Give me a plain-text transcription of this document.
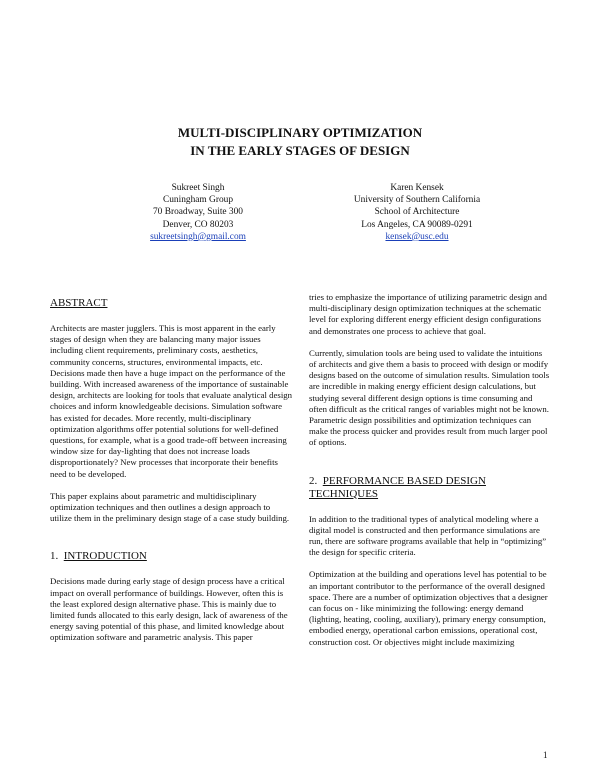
MULTI-DISCIPLINARY OPTIMIZATION
IN THE EARLY STAGES OF DESIGN
Sukreet Singh
Cuningham Group
70 Broadway, Suite 300
Denver, CO 80203
sukreetsingh@gmail.com
Karen Kensek
University of Southern California
School of Architecture
Los Angeles, CA 90089-0291
kensek@usc.edu
ABSTRACT

Architects are master jugglers. This is most apparent in the early stages of design when they are balancing many major issues including client requirements, preliminary costs, aesthetics, community concerns, structures, environmental impacts, etc. Decisions made then have a huge impact on the performance of the building. With increased awareness of the importance of sustainable design, architects are looking for tools that evaluate analytical design choices and inform knowledgeable decisions. Simulation software has existed for decades. More recently, multi-disciplinary optimization algorithms offer potential solutions for well-defined questions, for example, what is a good trade-off between increasing window size for day-lighting that does not increase loads disproportionately? New processes that incorporate their benefits need to be developed.

This paper explains about parametric and multidisciplinary optimization techniques and then outlines a design approach to utilize them in the preliminary design stage of a case study building.

1. INTRODUCTION

Decisions made during early stage of design process have a critical impact on overall performance of buildings. However, often this is the least explored design alternative phase. This is mainly due to limited funds allocated to this early design, lack of awareness of the energy saving potential of this phase, and limited knowledge about optimization software and parametric analysis. This paper

tries to emphasize the importance of utilizing parametric design and multi-disciplinary design optimization techniques at the schematic level for exploring different energy efficient design configurations and demonstrates one process to achieve that goal.

Currently, simulation tools are being used to validate the intuitions of architects and give them a basis to proceed with design or modify designs based on the outcome of simulation results. Simulation tools are incredible in making energy efficient design calculations, but studying several different design options is time consuming and often difficult as the critical ranges of variables might not be known. Parametric design possibilities and optimization techniques can make the process quicker and provides result from much larger pool of options.

2. PERFORMANCE BASED DESIGN
TECHNIQUES

In addition to the traditional types of analytical modeling where a digital model is constructed and then performance simulations are run, there are software programs available that help in “optimizing” the design for specific criteria.

Optimization at the building and operations level has potential to be an important contributor to the performance of the overall designed space. There are a number of optimization objectives that a designer can focus on - like minimizing the following: energy demand (lighting, heating, cooling, auxiliary), primary energy consumption, embodied energy, operational carbon emissions, operational cost, construction cost. Or objectives might include maximizing

1
